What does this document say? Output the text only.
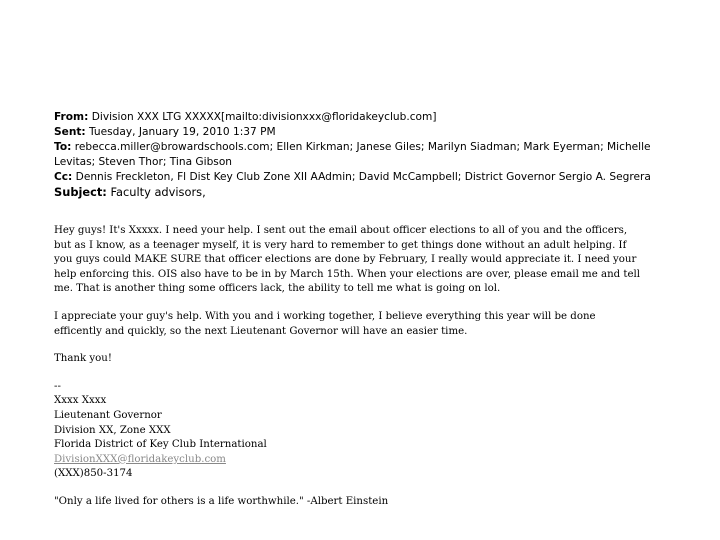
From: Division XXX LTG XXXXX[mailto:divisionxxx@floridakeyclub.com]

Sent: Tuesday, January 19, 2010 1:37 PM

To: rebecca.miller@browardschools.com; Ellen Kirkman; Janese Giles; Marilyn Siadman; Mark Eyerman; Michelle Levitas; Steven Thor; Tina Gibson

Cc: Dennis Freckleton, Fl Dist Key Club Zone XII AAdmin; David McCampbell; District Governor Sergio A. Segrera

Subject: Faculty advisors,

Hey guys! It's Xxxxx. I need your help. I sent out the email about officer elections to all of you and the officers, but as I know, as a teenager myself, it is very hard to remember to get things done without an adult helping. If you guys could MAKE SURE that officer elections are done by February, I really would appreciate it. I need your help enforcing this. OIS also have to be in by March 15th. When your elections are over, please email me and tell me. That is another thing some officers lack, the ability to tell me what is going on lol.

I appreciate your guy's help. With you and i working together, I believe everything this year will be done efficently and quickly, so the next Lieutenant Governor will have an easier time.

Thank you!

--

Xxxx Xxxx

Lieutenant Governor

Division XX, Zone XXX

Florida District of Key Club International

DivisionXXX@floridakeyclub.com

(XXX)850-3174

"Only a life lived for others is a life worthwhile." -Albert Einstein
